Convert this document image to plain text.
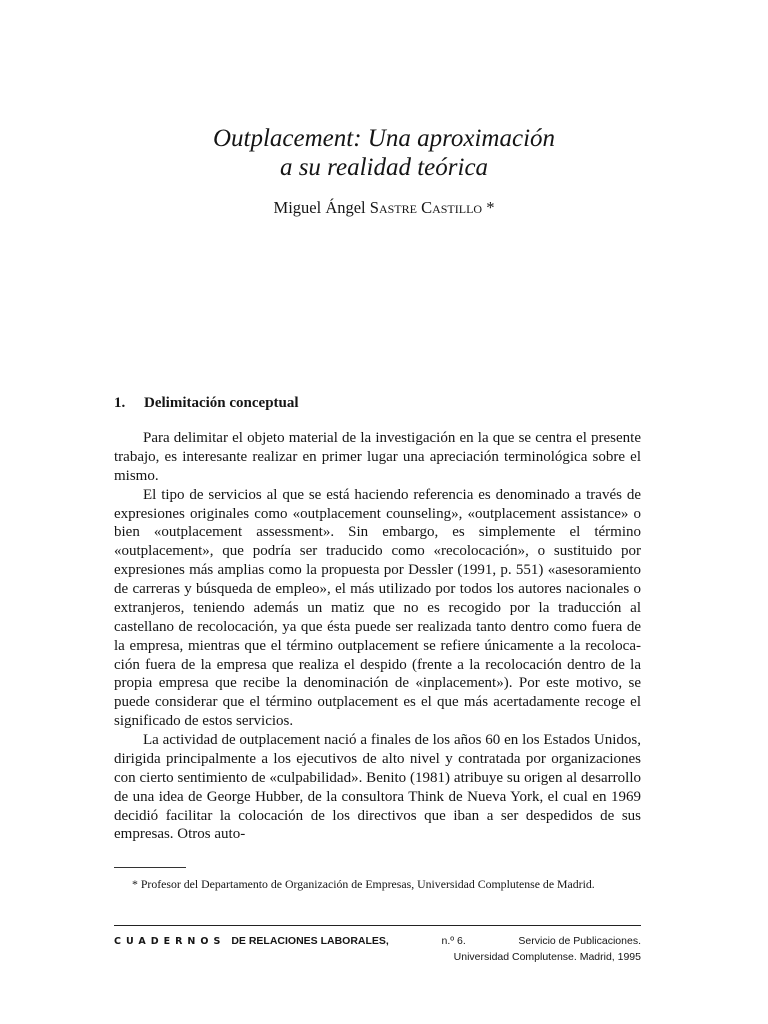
Outplacement: Una aproximación
a su realidad teórica
Miguel Ángel Sastre Castillo *
1. Delimitación conceptual

Para delimitar el objeto material de la investigación en la que se centra el presente trabajo, es interesante realizar en primer lugar una apreciación terminológica sobre el mismo.

El tipo de servicios al que se está haciendo referencia es denominado a través de expresiones originales como «outplacement counseling», «outplacement assistance» o bien «outplacement assessment». Sin embargo, es simplemente el término «outplacement», que podría ser traducido como «recolocación», o sustituido por expresiones más amplias como la propuesta por Dessler (1991, p. 551) «asesoramiento de carreras y búsqueda de empleo», el más utilizado por todos los autores nacionales o extranjeros, teniendo además un matiz que no es recogido por la traducción al castellano de recolocación, ya que ésta puede ser realizada tanto dentro como fuera de la empresa, mientras que el término outplacement se refiere únicamente a la recolocación fuera de la empresa que realiza el despido (frente a la recolocación dentro de la propia empresa que recibe la denominación de «inplacement»). Por este motivo, se puede considerar que el término outplacement es el que más acertadamente recoge el significado de estos servicios.

La actividad de outplacement nació a finales de los años 60 en los Estados Unidos, dirigida principalmente a los ejecutivos de alto nivel y contratada por organizaciones con cierto sentimiento de «culpabilidad». Benito (1981) atribuye su origen al desarrollo de una idea de George Hubber, de la consultora Think de Nueva York, el cual en 1969 decidió facilitar la colocación de los directivos que iban a ser despedidos de sus empresas. Otros auto-

* Profesor del Departamento de Organización de Empresas, Universidad Complutense de Madrid.
CUADERNOS DE RELACIONES LABORALES,	n.º 6.	Servicio de Publicaciones.
Universidad Complutense. Madrid, 1995
